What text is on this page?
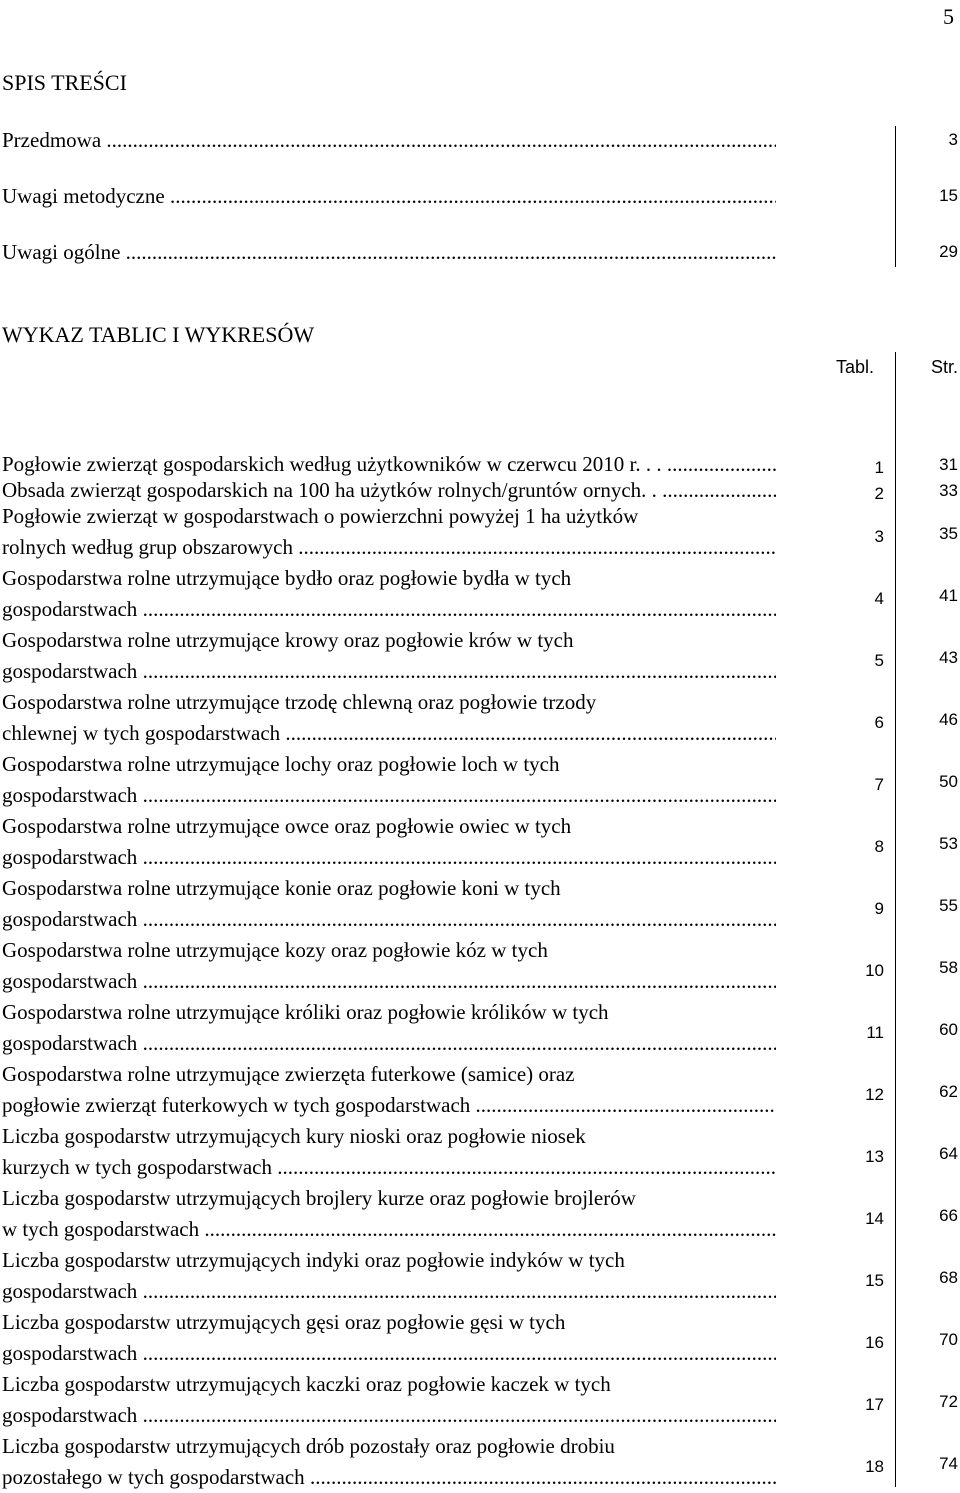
5
SPIS TREŚCI
Przedmowa .....	3
Uwagi metodyczne .....	15
Uwagi ogólne .....	29
WYKAZ TABLIC I WYKRESÓW
Tabl.	Str.
Pogłowie zwierząt gospodarskich według użytkowników w czerwcu 2010 r. . . .....	1	31
Obsada zwierząt gospodarskich na 100 ha użytków rolnych/gruntów ornych. . .....	2	33
Pogłowie zwierząt w gospodarstwach o powierzchni powyżej 1 ha użytków
rolnych według grup obszarowych .....	3	35
Gospodarstwa rolne utrzymujące bydło oraz pogłowie bydła w tych
gospodarstwach .....	4	41
Gospodarstwa rolne utrzymujące krowy oraz pogłowie krów w tych
gospodarstwach .....	5	43
Gospodarstwa rolne utrzymujące trzodę chlewną oraz pogłowie trzody
chlewnej w tych gospodarstwach .....	6	46
Gospodarstwa rolne utrzymujące lochy oraz pogłowie loch w tych
gospodarstwach .....	7	50
Gospodarstwa rolne utrzymujące owce oraz pogłowie owiec w tych
gospodarstwach .....	8	53
Gospodarstwa rolne utrzymujące konie oraz pogłowie koni w tych
gospodarstwach .....	9	55
Gospodarstwa rolne utrzymujące kozy oraz pogłowie kóz w tych
gospodarstwach .....	10	58
Gospodarstwa rolne utrzymujące króliki oraz pogłowie królików w tych
gospodarstwach .....	11	60
Gospodarstwa rolne utrzymujące zwierzęta futerkowe (samice) oraz
pogłowie zwierząt futerkowych w tych gospodarstwach .....	12	62
Liczba gospodarstw utrzymujących kury nioski oraz pogłowie niosek
kurzych w tych gospodarstwach .....	13	64
Liczba gospodarstw utrzymujących brojlery kurze oraz pogłowie brojlerów
w tych gospodarstwach .....	14	66
Liczba gospodarstw utrzymujących indyki oraz pogłowie indyków w tych
gospodarstwach .....	15	68
Liczba gospodarstw utrzymujących gęsi oraz pogłowie gęsi w tych
gospodarstwach .....	16	70
Liczba gospodarstw utrzymujących kaczki oraz pogłowie kaczek w tych
gospodarstwach .....	17	72
Liczba gospodarstw utrzymujących drób pozostały oraz pogłowie drobiu
pozostałego w tych gospodarstwach .....	18	74
